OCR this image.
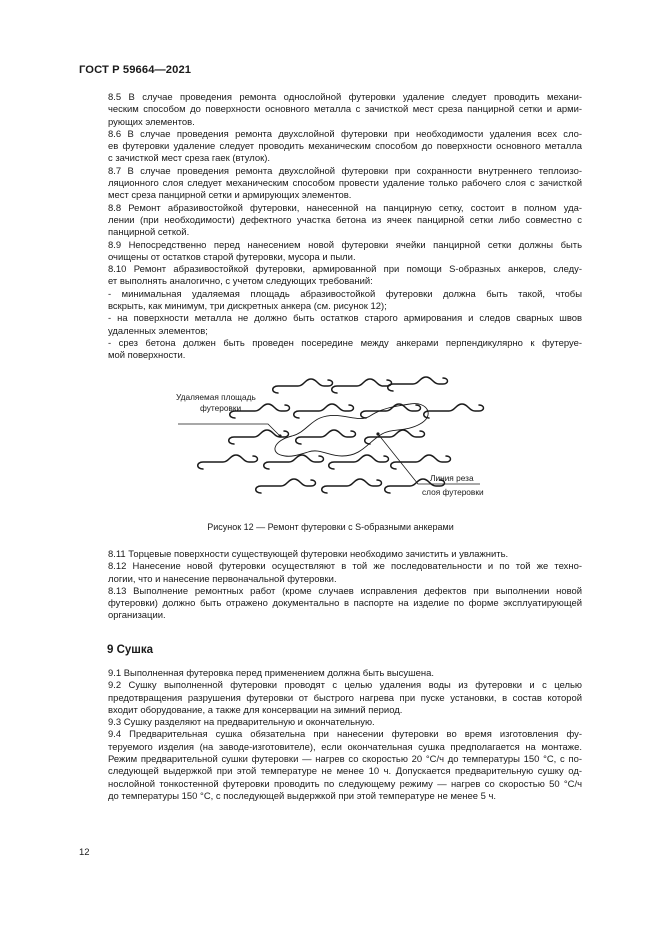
ГОСТ Р 59664—2021

8.5 В случае проведения ремонта однослойной футеровки удаление следует проводить механи-
ческим способом до поверхности основного металла с зачисткой мест среза панцирной сетки и арми-
рующих элементов.

8.6 В случае проведения ремонта двухслойной футеровки при необходимости удаления всех сло-
ев футеровки удаление следует проводить механическим способом до поверхности основного металла
с зачисткой мест среза гаек (втулок).

8.7 В случае проведения ремонта двухслойной футеровки при сохранности внутреннего теплоизо-
ляционного слоя следует механическим способом провести удаление только рабочего слоя с зачисткой
мест среза панцирной сетки и армирующих элементов.

8.8 Ремонт абразивостойкой футеровки, нанесенной на панцирную сетку, состоит в полном уда-
лении (при необходимости) дефектного участка бетона из ячеек панцирной сетки либо совместно с
панцирной сеткой.

8.9 Непосредственно перед нанесением новой футеровки ячейки панцирной сетки должны быть
очищены от остатков старой футеровки, мусора и пыли.

8.10 Ремонт абразивостойкой футеровки, армированной при помощи S-образных анкеров, следу-
ет выполнять аналогично, с учетом следующих требований:

- минимальная удаляемая площадь абразивостойкой футеровки должна быть такой, чтобы
вскрыть, как минимум, три дискретных анкера (см. рисунок 12);

- на поверхности металла не должно быть остатков старого армирования и следов сварных швов
удаленных элементов;

- срез бетона должен быть проведен посередине между анкерами перпендикулярно к футеруе-
мой поверхности.

Удаляемая площадь
футеровки
Линия реза
слоя футеровки
Рисунок 12 — Ремонт футеровки с S-образными анкерами

8.11 Торцевые поверхности существующей футеровки необходимо зачистить и увлажнить.

8.12 Нанесение новой футеровки осуществляют в той же последовательности и по той же техно-
логии, что и нанесение первоначальной футеровки.

8.13 Выполнение ремонтных работ (кроме случаев исправления дефектов при выполнении новой
футеровки) должно быть отражено документально в паспорте на изделие по форме эксплуатирующей
организации.

9 Сушка

9.1 Выполненная футеровка перед применением должна быть высушена.

9.2 Сушку выполненной футеровки проводят с целью удаления воды из футеровки и с целью
предотвращения разрушения футеровки от быстрого нагрева при пуске установки, в состав которой
входит оборудование, а также для консервации на зимний период.

9.3 Сушку разделяют на предварительную и окончательную.

9.4 Предварительная сушка обязательна при нанесении футеровки во время изготовления фу-
теруемого изделия (на заводе-изготовителе), если окончательная сушка предполагается на монтаже.
Режим предварительной сушки футеровки — нагрев со скоростью 20 °С/ч до температуры 150 °С, с по-
следующей выдержкой при этой температуре не менее 10 ч. Допускается предварительную сушку од-
нослойной тонкостенной футеровки проводить по следующему режиму — нагрев со скоростью 50 °С/ч
до температуры 150 °С, с последующей выдержкой при этой температуре не менее 5 ч.

12
